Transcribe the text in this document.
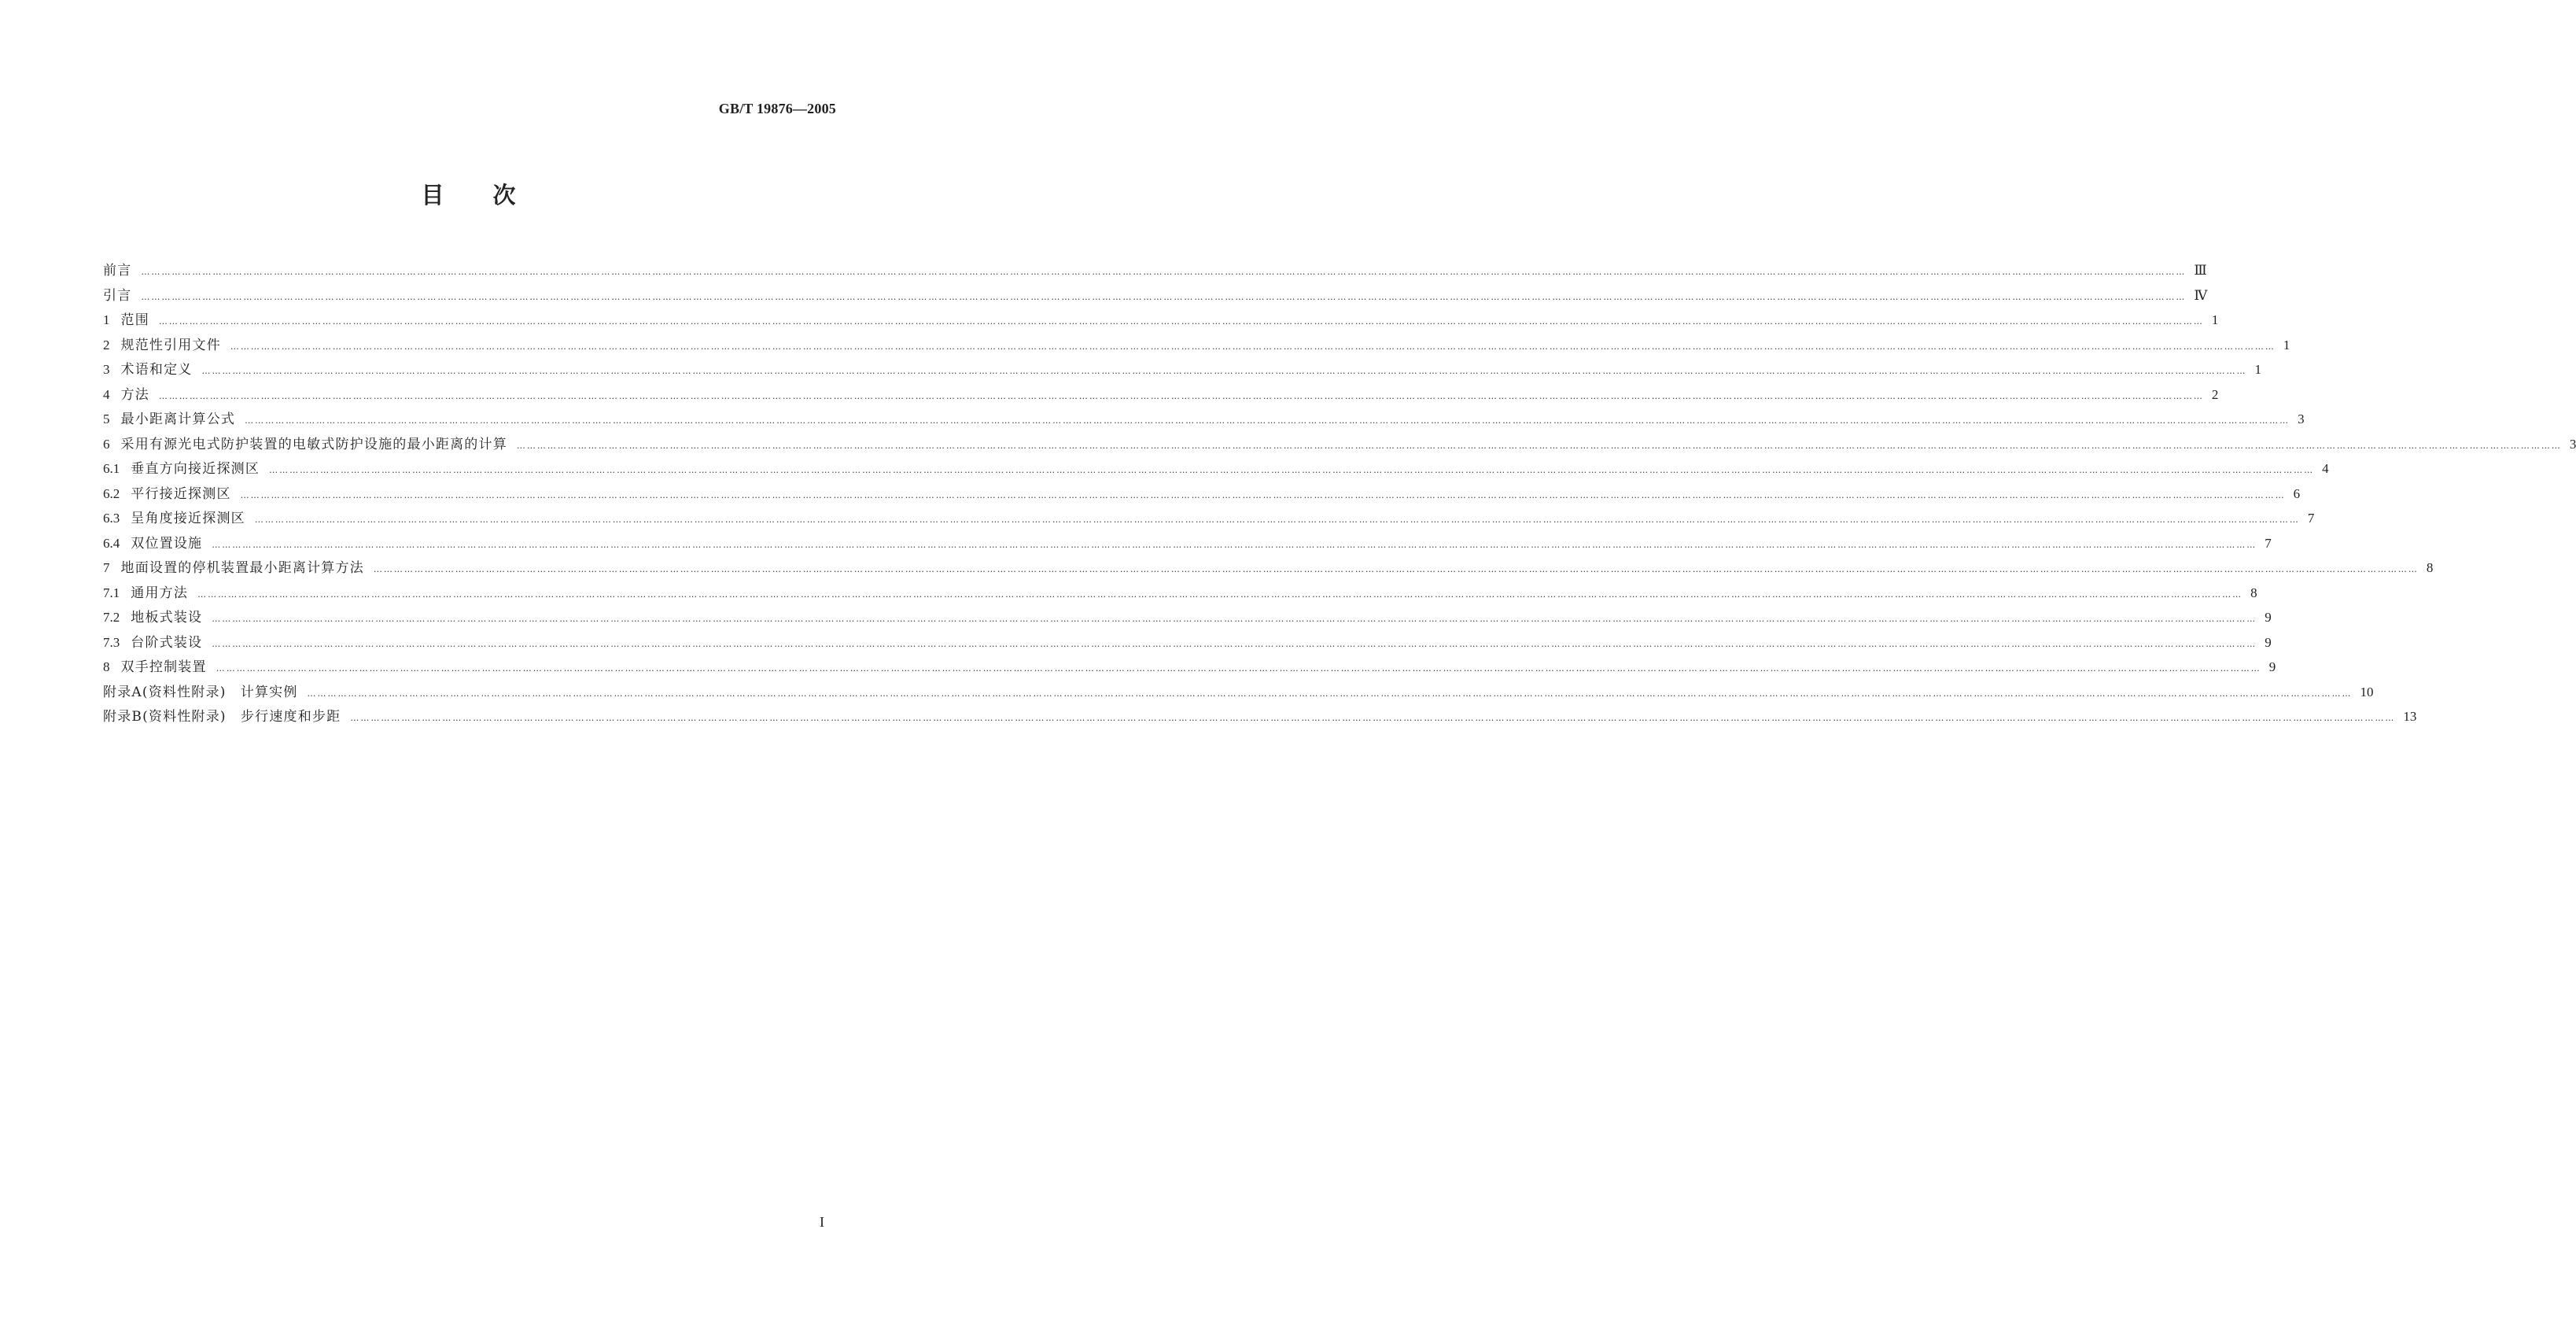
GB/T 19876—2005
目次
前言 …………………………………………………………………………………………………………………………………………………………………………………………………………………………………………………………………………………………………………………………………………………………………………………………………………………………………………………………………………………………………………………………………………………… Ⅲ
引言 …………………………………………………………………………………………………………………………………………………………………………………………………………………………………………………………………………………………………………………………………………………………………………………………………………………………………………………………………………………………………………………………………………………… Ⅳ
1 范围 …………………………………………………………………………………………………………………………………………………………………………………………………………………………………………………………………………………………………………………………………………………………………………………………………………………………………………………………………………………………………………………………………………………… 1
2 规范性引用文件 …………………………………………………………………………………………………………………………………………………………………………………………………………………………………………………………………………………………………………………………………………………………………………………………………………………………………………………………………………………………………………………………………………………… 1
3 术语和定义 …………………………………………………………………………………………………………………………………………………………………………………………………………………………………………………………………………………………………………………………………………………………………………………………………………………………………………………………………………………………………………………………………………………… 1
4 方法 …………………………………………………………………………………………………………………………………………………………………………………………………………………………………………………………………………………………………………………………………………………………………………………………………………………………………………………………………………………………………………………………………………………… 2
5 最小距离计算公式 …………………………………………………………………………………………………………………………………………………………………………………………………………………………………………………………………………………………………………………………………………………………………………………………………………………………………………………………………………………………………………………………………………………… 3
6 采用有源光电式防护装置的电敏式防护设施的最小距离的计算 …………………………………………………………………………………………………………………………………………………………………………………………………………………………………………………………………………………………………………………………………………………………………………………………………………………………………………………………………………………………………………………………………………………… 3
6.1 垂直方向接近探测区 …………………………………………………………………………………………………………………………………………………………………………………………………………………………………………………………………………………………………………………………………………………………………………………………………………………………………………………………………………………………………………………………………………………… 4
6.2 平行接近探测区 …………………………………………………………………………………………………………………………………………………………………………………………………………………………………………………………………………………………………………………………………………………………………………………………………………………………………………………………………………………………………………………………………………………… 6
6.3 呈角度接近探测区 …………………………………………………………………………………………………………………………………………………………………………………………………………………………………………………………………………………………………………………………………………………………………………………………………………………………………………………………………………………………………………………………………………………… 7
6.4 双位置设施 …………………………………………………………………………………………………………………………………………………………………………………………………………………………………………………………………………………………………………………………………………………………………………………………………………………………………………………………………………………………………………………………………………………… 7
7 地面设置的停机装置最小距离计算方法 …………………………………………………………………………………………………………………………………………………………………………………………………………………………………………………………………………………………………………………………………………………………………………………………………………………………………………………………………………………………………………………………………………………… 8
7.1 通用方法 …………………………………………………………………………………………………………………………………………………………………………………………………………………………………………………………………………………………………………………………………………………………………………………………………………………………………………………………………………………………………………………………………………………… 8
7.2 地板式装设 …………………………………………………………………………………………………………………………………………………………………………………………………………………………………………………………………………………………………………………………………………………………………………………………………………………………………………………………………………………………………………………………………………………… 9
7.3 台阶式装设 …………………………………………………………………………………………………………………………………………………………………………………………………………………………………………………………………………………………………………………………………………………………………………………………………………………………………………………………………………………………………………………………………………………… 9
8 双手控制装置 …………………………………………………………………………………………………………………………………………………………………………………………………………………………………………………………………………………………………………………………………………………………………………………………………………………………………………………………………………………………………………………………………………………… 9
附录A(资料性附录)　计算实例 …………………………………………………………………………………………………………………………………………………………………………………………………………………………………………………………………………………………………………………………………………………………………………………………………………………………………………………………………………………………………………………………………………………… 10
附录B(资料性附录)　步行速度和步距 …………………………………………………………………………………………………………………………………………………………………………………………………………………………………………………………………………………………………………………………………………………………………………………………………………………………………………………………………………………………………………………………………………………… 13
I
